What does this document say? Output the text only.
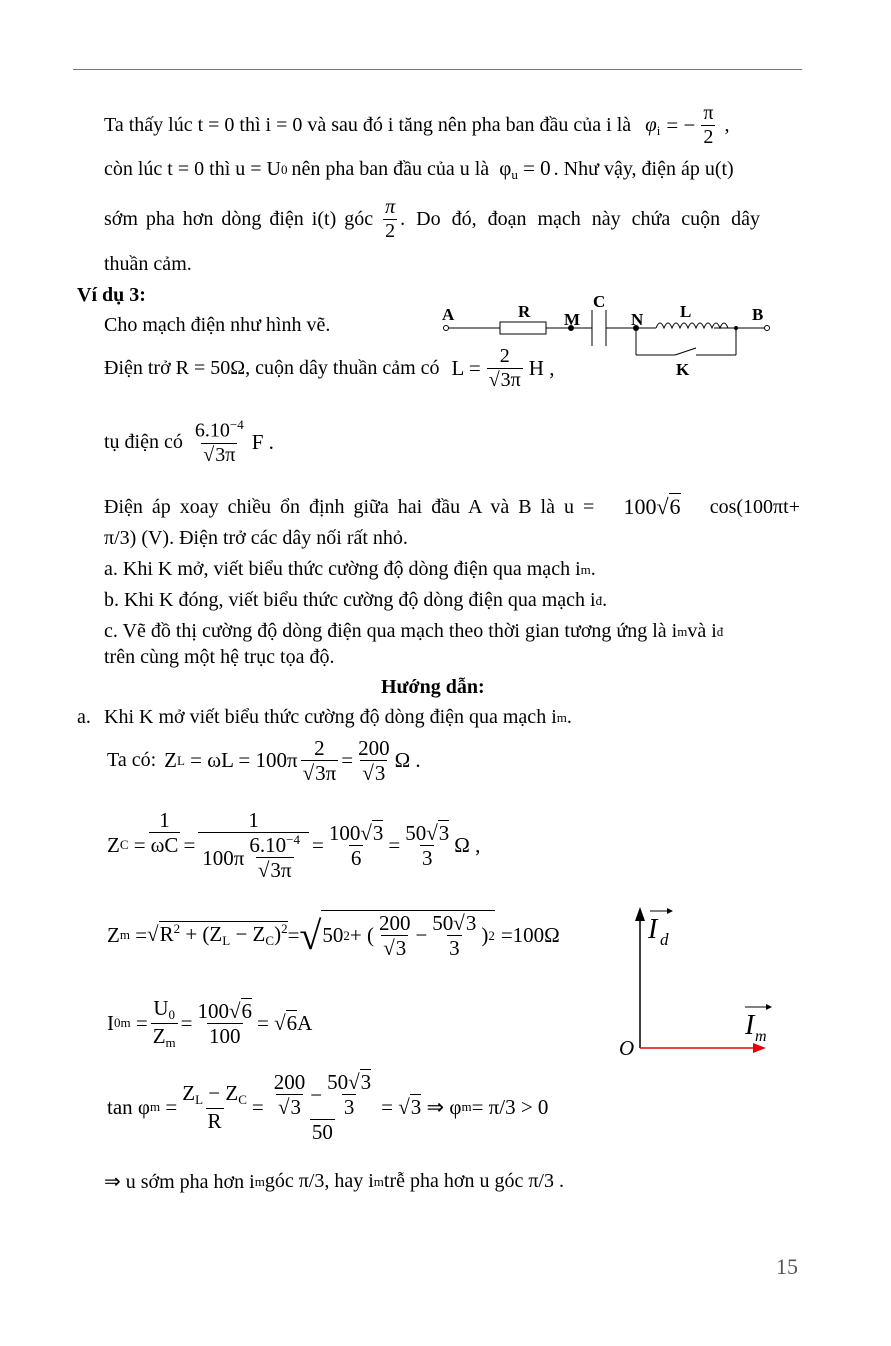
Ta thấy lúc t = 0 thì i = 0 và sau đó i tăng nên pha ban đầu của i là $\varphi_i$ = − $\frac{\pi}{2}$ ,
còn lúc t = 0 thì u = U 0 nên pha ban đầu của u là $\varphi_u = 0$ . Như vậy, điện áp u(t)
sớm pha hơn dòng điện i(t) góc $\frac{\pi}{2}$ . Do đó, đoạn mạch này chứa cuộn dây
thuần cảm.
Ví dụ 3:
Cho mạch điện như hình vẽ.	A	R M
C
N L	B
K
Điện trở R = 50Ω, cuộn dây thuần cảm có $L = \frac{2}{√3\pi}$ H ,
tụ điện có $\frac{6.10^{-4}}{√3\pi}$ F .
Điện áp xoay chiều ổn định giữa hai đầu A và B là u = 100√6 cos(100πt+
π/3) (V). Điện trở các dây nối rất nhỏ.
a. Khi K mở, viết biểu thức cường độ dòng điện qua mạch i m .
b. Khi K đóng, viết biểu thức cường độ dòng điện qua mạch i đ .
c. Vẽ đồ thị cường độ dòng điện qua mạch theo thời gian tương ứng là i m và i đ
trên cùng một hệ trục tọa độ.
Hướng dẫn:
a. Khi K mở viết biểu thức cường độ dòng điện qua mạch i m .
Ta có: Z L
= $\omega L = 100\pi \frac{2}{√3\pi} = \frac{200}{√3}$ Ω .
Z C
= $\frac{1}{\omega C} = \frac{1}{100\pi \frac{6.10^{-4}}{√3\pi}} = \frac{100√3}{6} = \frac{50√3}{3}$ Ω ,
Z m
= $√R^2 + (Z_L - Z_C)^2$ = √ 50 2 + ( $\frac{200}{√3} - \frac{50√3}{3}$ ) 2 =100Ω
I 0m
= $\frac{U_0}{Z_m} = \frac{100√6}{100}$ = √ 6 A
tan φ m
= $\frac{Z_L - Z_C}{R} = \frac{\frac{200}{√3} - \frac{50√3}{3}}{50}$ = √ 3
⇒ φ m = π/3 > 0
⇒ u sớm pha hơn i m góc π/3, hay i m trễ pha hơn u góc π/3 .
I d
I m
O
15
